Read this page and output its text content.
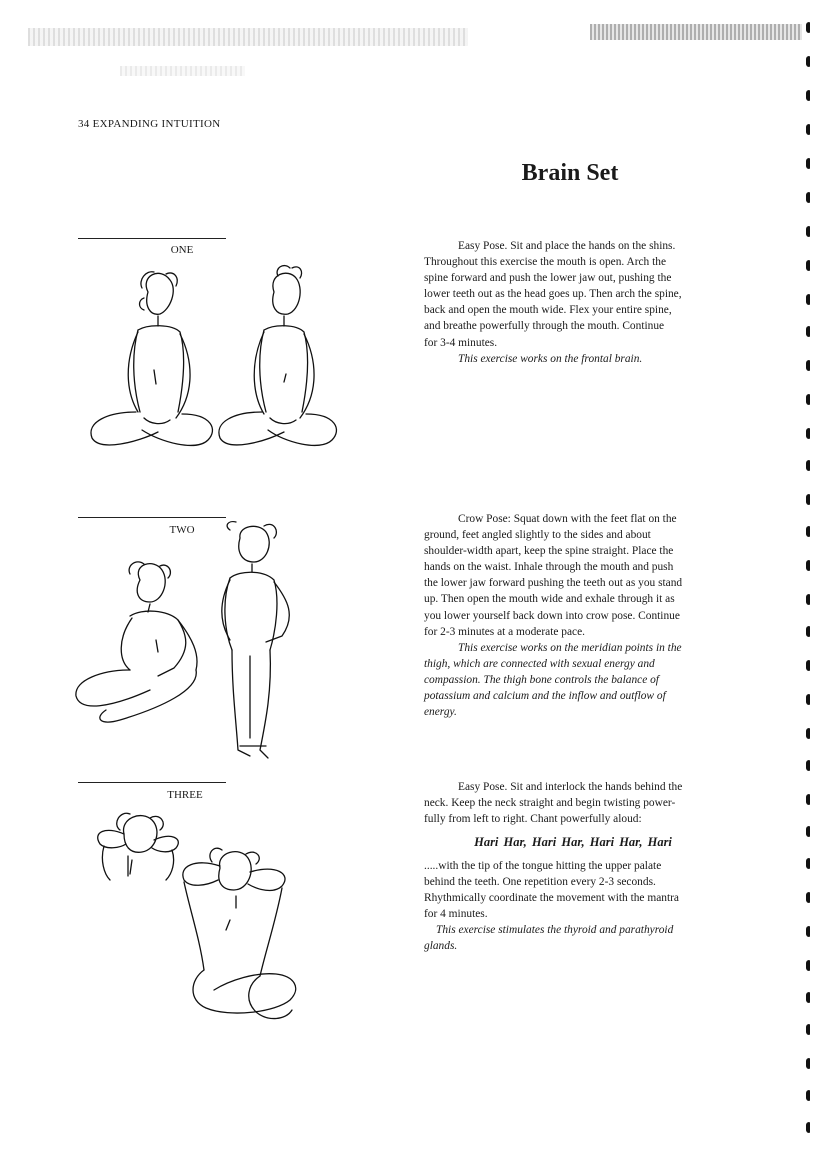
34 EXPANDING INTUITION
Brain Set
ONE	Easy Pose. Sit and place the hands on the shins.

Throughout this exercise the mouth is open. Arch the

spine forward and push the lower jaw out, pushing the

lower teeth out as the head goes up. Then arch the spine,

back and open the mouth wide. Flex your entire spine,

and breathe powerfully through the mouth. Continue

for 3-4 minutes.

This exercise works on the frontal brain.

TWO

Crow Pose: Squat down with the feet flat on the

ground, feet angled slightly to the sides and about

shoulder-width apart, keep the spine straight. Place the

hands on the waist. Inhale through the mouth and push

the lower jaw forward pushing the teeth out as you stand

up. Then open the mouth wide and exhale through it as

you lower yourself back down into crow pose. Continue

for 2-3 minutes at a moderate pace.

This exercise works on the meridian points in the

thigh, which are connected with sexual energy and

compassion. The thigh bone controls the balance of

potassium and calcium and the inflow and outflow of

energy.

THREE

Easy Pose. Sit and interlock the hands behind the

neck. Keep the neck straight and begin twisting power-

fully from left to right. Chant powerfully aloud:

Hari Har, Hari Har, Hari Har, Hari

.....with the tip of the tongue hitting the upper palate

behind the teeth. One repetition every 2-3 seconds.

Rhythmically coordinate the movement with the mantra

for 4 minutes.

This exercise stimulates the thyroid and parathyroid

glands.
